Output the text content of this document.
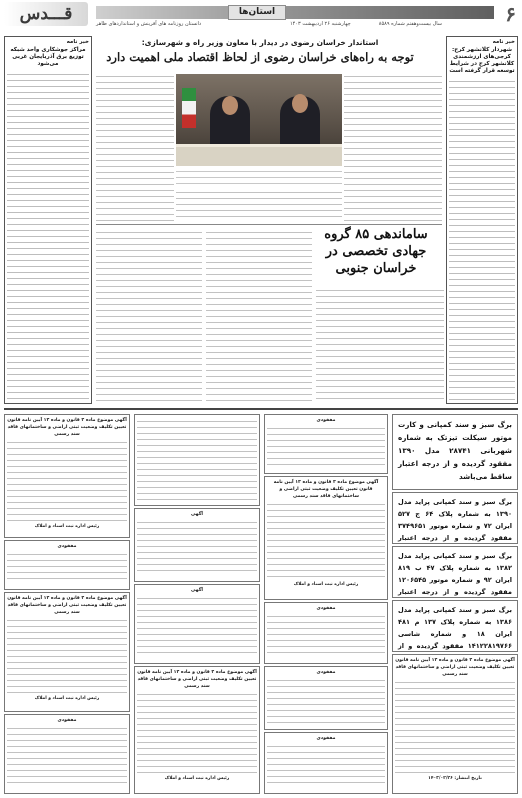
قـــدس	استان‌ها	۶
سال بیست‌وهفتم شماره ۸۵۸۹
چهارشنبه ۲۶ اردیبهشت ۱۴۰۳
دانستان روزنامه های آفرینش و استانداردهای ظاهر
خبر نامه
شهردار کلانشهر کرج: کرجی‌های ارزشمندی کلانشهر کرج در شرایط توسعه قرار گرفته است
خبر نامه
مراکز جوشکاری واحد شبکه توزیع برق آذربایجان غربی می‌شود
استاندار خراسان رضوی در دیدار با معاون وزیر راه و شهرسازی:
توجه به راه‌های خراسان رضوی از لحاظ اقتصاد ملی اهمیت دارد
ساماندهی ۸۵ گروه جهادی تخصصی در خراسان جنوبی
برگ سبز و سند کمپانی و کارت موتور سیکلت تیزتک به شماره شهربانی ۲۸۷۴۱ مدل ۱۳۹۰ مفقود گردیده و از درجه اعتبار ساقط می‌باشد
برگ سبز و سند کمپانی پراید مدل ۱۳۹۰ به شماره پلاک ۶۴ ج ۵۲۷ ایران ۷۲ و شماره موتور ۳۷۴۹۶۵۱ مفقود گردیده و از درجه اعتبار
برگ سبز و سند کمپانی پراید مدل ۱۳۸۲ به شماره پلاک ۴۷ ب ۸۱۹ ایران ۹۲ و شماره موتور ۱۲۰۶۵۴۵ مفقود گردیده و از درجه اعتبار
برگ سبز و سند کمپانی پراید مدل ۱۳۸۶ به شماره پلاک ۱۳۷ م ۴۸۱ ایران ۱۸ و شماره شاسی ۱۴۱۲۲۸۱۹۷۶۶ مفقود گردیده و از
آگهی موضوع ماده ۳ قانون و ماده ۱۳ آیین نامه قانون تعیین تکلیف وضعیت ثبتی اراضی و ساختمانهای فاقد سند رسمی
تاریخ انتشار: ۱۴۰۳/۰۲/۲۶
مفقودی
آگهی موضوع ماده ۳ قانون و ماده ۱۳ آیین نامه قانون تعیین تکلیف وضعیت ثبتی اراضی و ساختمانهای فاقد سند رسمی
رئیس اداره ثبت اسناد و املاک
مفقودی
مفقودی
مفقودی
آگهی
آگهی
آگهی موضوع ماده ۳ قانون و ماده ۱۳ آیین نامه قانون تعیین تکلیف وضعیت ثبتی اراضی و ساختمانهای فاقد سند رسمی
رئیس اداره ثبت اسناد و املاک
آگهی موضوع ماده ۳ قانون و ماده ۱۳ آیین نامه قانون تعیین تکلیف وضعیت ثبتی اراضی و ساختمانهای فاقد سند رسمی
رئیس اداره ثبت اسناد و املاک
مفقودی
آگهی موضوع ماده ۳ قانون و ماده ۱۳ آیین نامه قانون تعیین تکلیف وضعیت ثبتی اراضی و ساختمانهای فاقد سند رسمی
رئیس اداره ثبت اسناد و املاک
مفقودی
